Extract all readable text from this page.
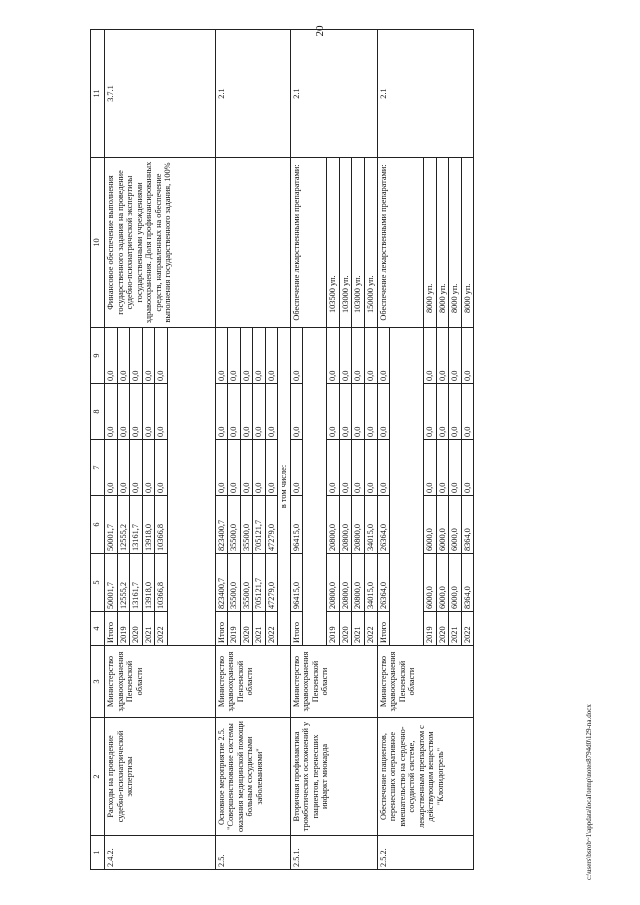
20
1	2	3	4	5	6	7	8	9	10	11
2.4.2.	Расходы на проведение судебно-психиатрической экспертизы	Министерство здравоохранения Пензенской области	Итого	50001,7	50001,7	0,0	0,0	0,0	Финансовое обеспечение выполнения государственного задания на проведение судебно-психиатрической экспертизы государственными учреждениями здравоохранения. Доля профинансированных средств, направленных на обеспечение выполнения государственного задания, 100%	3.7.1
			2019	12555,2	12555,2	0,0	0,0	0,0		
			2020	13161,7	13161,7	0,0	0,0	0,0		
			2021	13918,0	13918,0	0,0	0,0	0,0		
			2022	10366,8	10366,8	0,0	0,0	0,0		

2.5.	Основное мероприятие 2.5. "Совершенствование системы оказания медицинской помощи больным сосудистыми заболеваниями"	Министерство здравоохранения Пензенской области	Итого	823400,7	823400,7	0,0	0,0	0,0		2.1
			2019	35500,0	35500,0	0,0	0,0	0,0		
			2020	35500,0	35500,0	0,0	0,0	0,0		
			2021	705121,7	705121,7	0,0	0,0	0,0		
			2022	47279,0	47279,0	0,0	0,0	0,0		
			в том числе:							
2.5.1.	Вторичная профилактика тромботических осложнений у пациентов, перенесших инфаркт миокарда	Министерство здравоохранения Пензенской области	Итого	96415,0	96415,0	0,0	0,0	0,0	Обеспечение лекарственными препаратами:	2.1

			2019	20800,0	20800,0	0,0	0,0	0,0	103500 уп.	
			2020	20800,0	20800,0	0,0	0,0	0,0	103000 уп.	
			2021	20800,0	20800,0	0,0	0,0	0,0	103000 уп.	
			2022	34015,0	34015,0	0,0	0,0	0,0	150000 уп.	
2.5.2.	Обеспечение пациентов, перенесших оперативное вмешательство на сердечно-сосудистой системе, лекарственным препаратом с действующим веществом "Клопидогрель"	Министерство здравоохранения Пензенской области	Итого	26364,0	26364,0	0,0	0,0	0,0	Обеспечение лекарственными препаратами:	2.1

			2019	6000,0	6000,0	0,0	0,0	0,0	8000 уп.	
			2020	6000,0	6000,0	0,0	0,0	0,0	8000 уп.	
			2021	6000,0	6000,0	0,0	0,0	0,0	8000 уп.	
			2022	8364,0	8364,0	0,0	0,0	0,0	8000 уп.	
c:\users\bsrob~1\appdata\local\temp\notes8794d0\129-na.docx
